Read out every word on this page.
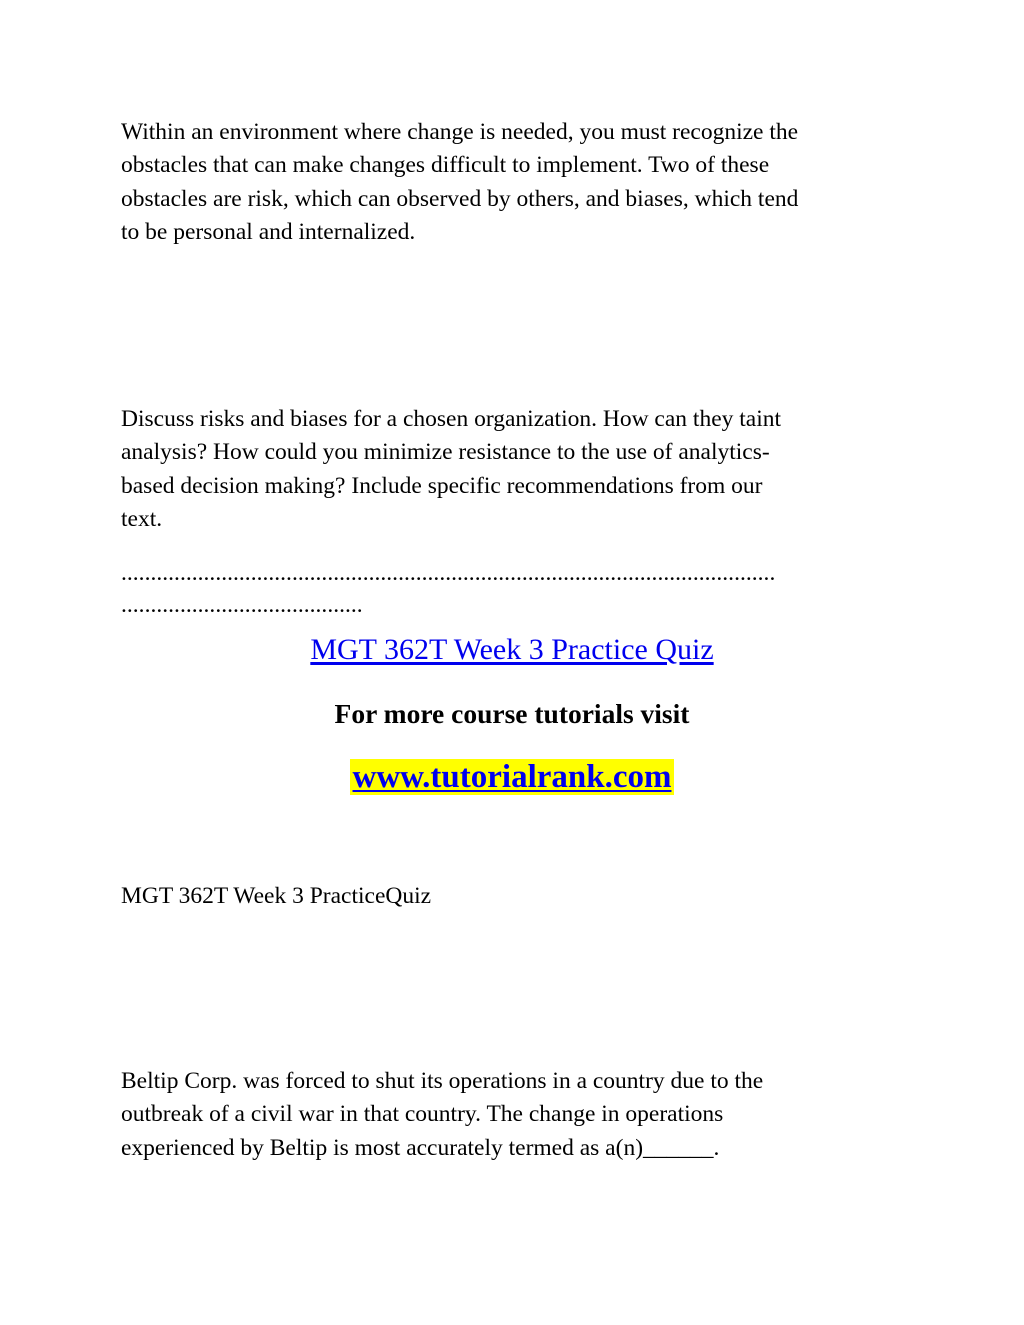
Within an environment where change is needed, you must recognize the
obstacles that can make changes difficult to implement. Two of these
obstacles are risk, which can observed by others, and biases, which tend
to be personal and internalized.

Discuss risks and biases for a chosen organization. How can they taint
analysis? How could you minimize resistance to the use of analytics-
based decision making? Include specific recommendations from our
text.

...............................................................................................................
.........................................
MGT 362T Week 3 Practice Quiz
For more course tutorials visit
www.tutorialrank.com
MGT 362T Week 3 PracticeQuiz

Beltip Corp. was forced to shut its operations in a country due to the
outbreak of a civil war in that country. The change in operations
experienced by Beltip is most accurately termed as a(n)______.
